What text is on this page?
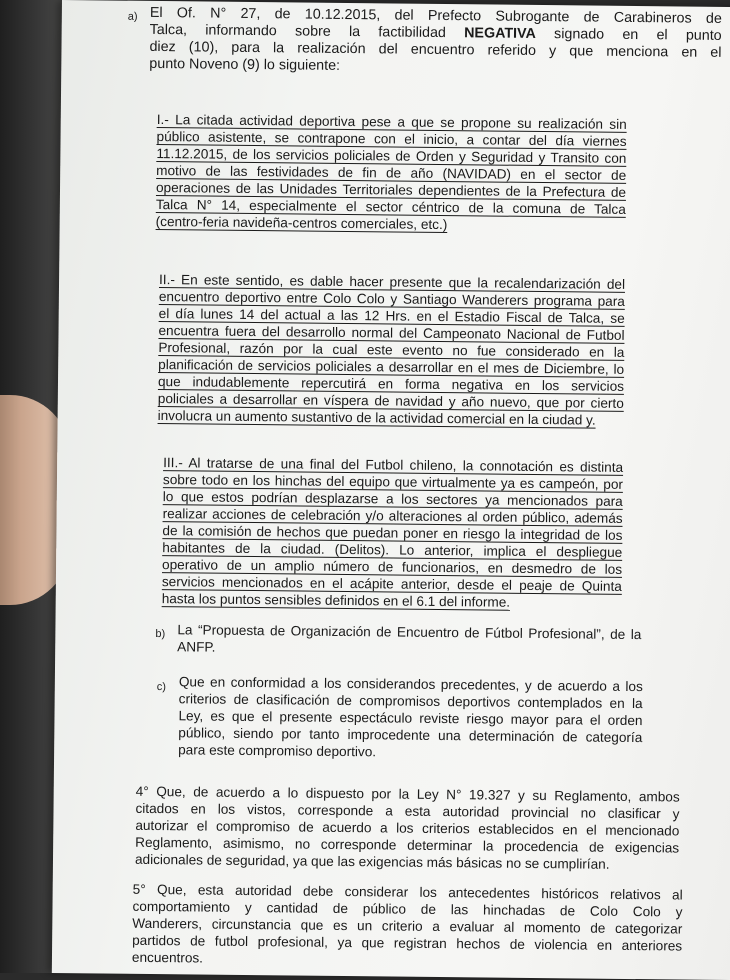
a) El Of. N° 27, de 10.12.2015, del Prefecto Subrogante de Carabineros de
Talca, informando sobre la factibilidad NEGATIVA signado en el punto
diez (10), para la realización del encuentro referido y que menciona en el
punto Noveno (9) lo siguiente:
I.- La citada actividad deportiva pese a que se propone su realización sin
público asistente, se contrapone con el inicio, a contar del día viernes
11.12.2015, de los servicios policiales de Orden y Seguridad y Transito con
motivo de las festividades de fin de año (NAVIDAD) en el sector de
operaciones de las Unidades Territoriales dependientes de la Prefectura de
Talca N° 14, especialmente el sector céntrico de la comuna de Talca
(centro-feria navideña-centros comerciales, etc.)
II.- En este sentido, es dable hacer presente que la recalendarización del
encuentro deportivo entre Colo Colo y Santiago Wanderers programa para
el día lunes 14 del actual a las 12 Hrs. en el Estadio Fiscal de Talca, se
encuentra fuera del desarrollo normal del Campeonato Nacional de Futbol
Profesional, razón por la cual este evento no fue considerado en la
planificación de servicios policiales a desarrollar en el mes de Diciembre, lo
que indudablemente repercutirá en forma negativa en los servicios
policiales a desarrollar en víspera de navidad y año nuevo, que por cierto
involucra un aumento sustantivo de la actividad comercial en la ciudad y.
III.- Al tratarse de una final del Futbol chileno, la connotación es distinta
sobre todo en los hinchas del equipo que virtualmente ya es campeón, por
lo que estos podrían desplazarse a los sectores ya mencionados para
realizar acciones de celebración y/o alteraciones al orden público, además
de la comisión de hechos que puedan poner en riesgo la integridad de los
habitantes de la ciudad. (Delitos). Lo anterior, implica el despliegue
operativo de un amplio número de funcionarios, en desmedro de los
servicios mencionados en el acápite anterior, desde el peaje de Quinta
hasta los puntos sensibles definidos en el 6.1 del informe.
b) La “Propuesta de Organización de Encuentro de Fútbol Profesional”, de la
ANFP.
c) Que en conformidad a los considerandos precedentes, y de acuerdo a los
criterios de clasificación de compromisos deportivos contemplados en la
Ley, es que el presente espectáculo reviste riesgo mayor para el orden
público, siendo por tanto improcedente una determinación de categoría
para este compromiso deportivo.
4° Que, de acuerdo a lo dispuesto por la Ley N° 19.327 y su Reglamento, ambos
citados en los vistos, corresponde a esta autoridad provincial no clasificar y
autorizar el compromiso de acuerdo a los criterios establecidos en el mencionado
Reglamento, asimismo, no corresponde determinar la procedencia de exigencias
adicionales de seguridad, ya que las exigencias más básicas no se cumplirían.
5° Que, esta autoridad debe considerar los antecedentes históricos relativos al
comportamiento y cantidad de público de las hinchadas de Colo Colo y
Wanderers, circunstancia que es un criterio a evaluar al momento de categorizar
partidos de futbol profesional, ya que registran hechos de violencia en anteriores
encuentros.
